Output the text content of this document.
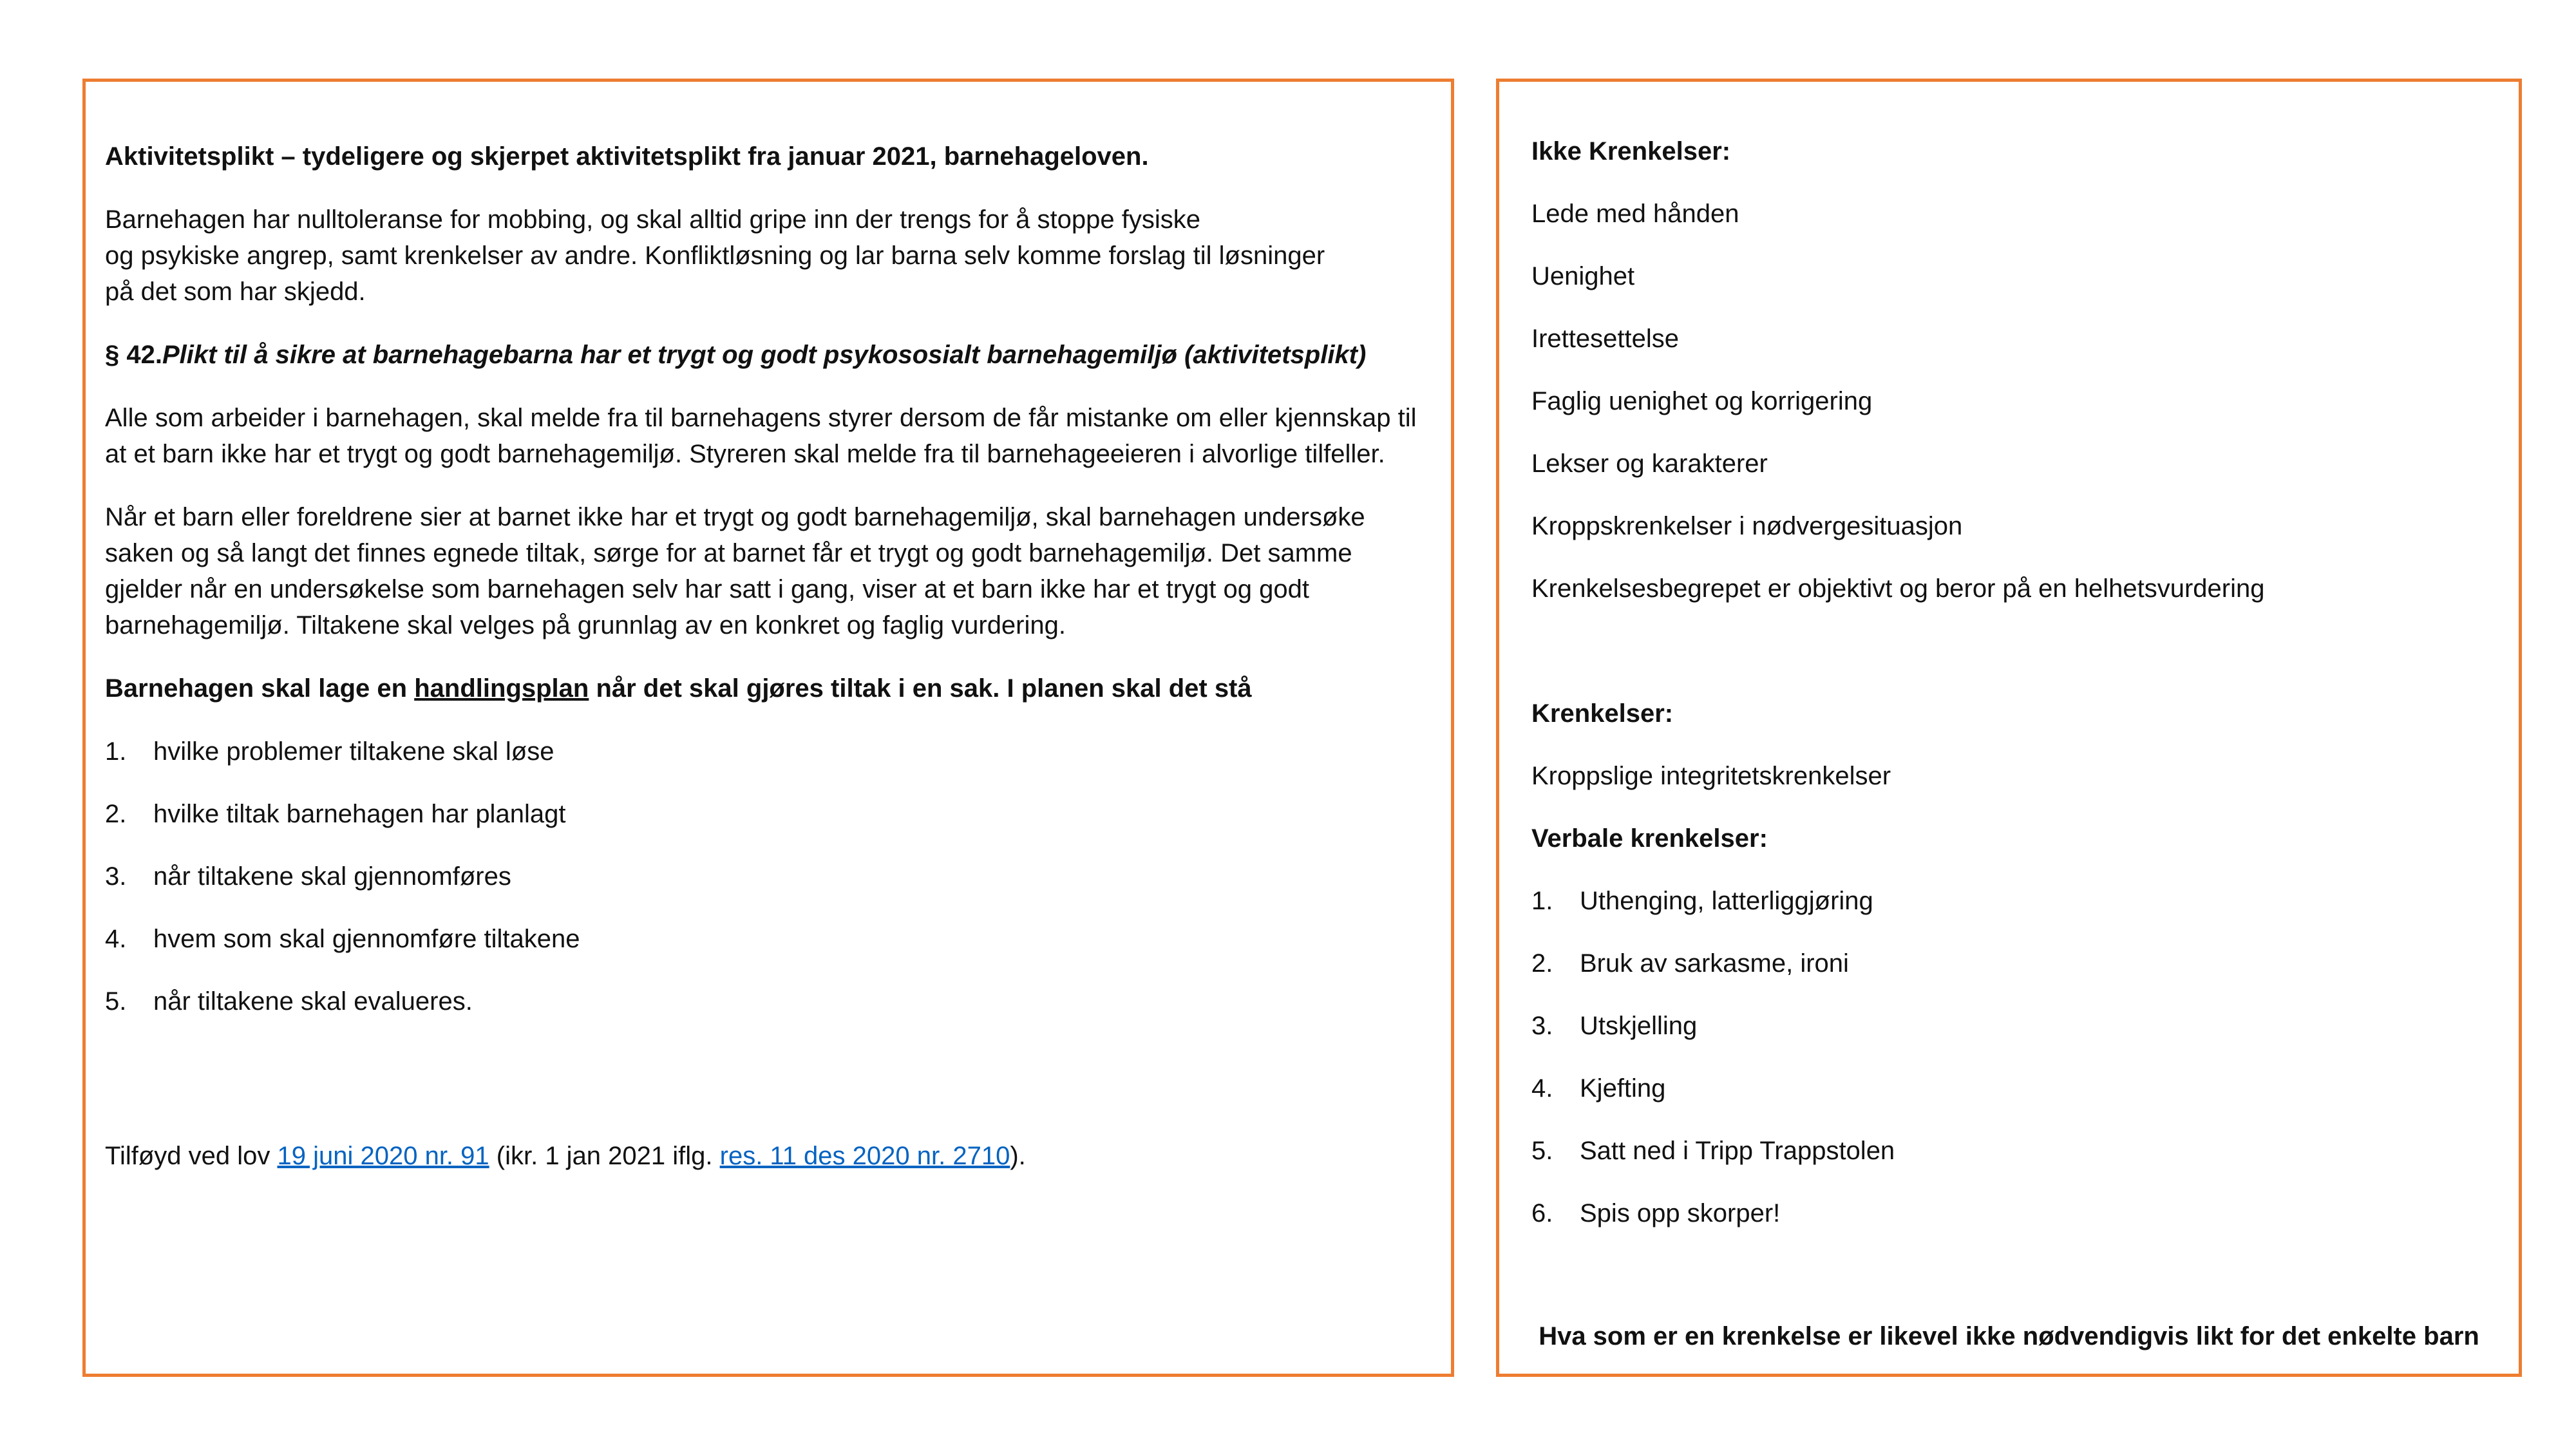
Aktivitetsplikt – tydeligere og skjerpet aktivitetsplikt fra januar 2021, barnehageloven.

Barnehagen har nulltoleranse for mobbing, og skal alltid gripe inn der trengs for å stoppe fysiske

og psykiske angrep, samt krenkelser av andre. Konfliktløsning og lar barna selv komme forslag til løsninger

på det som har skjedd.

§ 42.Plikt til å sikre at barnehagebarna har et trygt og godt psykososialt barnehagemiljø (aktivitetsplikt)

Alle som arbeider i barnehagen, skal melde fra til barnehagens styrer dersom de får mistanke om eller kjennskap til at et barn ikke har et trygt og godt barnehagemiljø. Styreren skal melde fra til barnehageeieren i alvorlige tilfeller.

Når et barn eller foreldrene sier at barnet ikke har et trygt og godt barnehagemiljø, skal barnehagen undersøke saken og så langt det finnes egnede tiltak, sørge for at barnet får et trygt og godt barnehagemiljø. Det samme gjelder når en undersøkelse som barnehagen selv har satt i gang, viser at et barn ikke har et trygt og godt barnehagemiljø. Tiltakene skal velges på grunnlag av en konkret og faglig vurdering.

Barnehagen skal lage en handlingsplan når det skal gjøres tiltak i en sak. I planen skal det stå

1.	hvilke problemer tiltakene skal løse
2.	hvilke tiltak barnehagen har planlagt
3.	når tiltakene skal gjennomføres
4.	hvem som skal gjennomføre tiltakene
5.	når tiltakene skal evalueres.

Tilføyd ved lov 19 juni 2020 nr. 91 (ikr. 1 jan 2021 iflg. res. 11 des 2020 nr. 2710).

Ikke Krenkelser:

Lede med hånden

Uenighet

Irettesettelse

Faglig uenighet og korrigering

Lekser og karakterer

Kroppskrenkelser i nødvergesituasjon

Krenkelsesbegrepet er objektivt og beror på en helhetsvurdering

Krenkelser:

Kroppslige integritetskrenkelser

Verbale krenkelser:

1.	Uthenging, latterliggjøring
2.	Bruk av sarkasme, ironi
3.	Utskjelling
4.	Kjefting
5.	Satt ned i Tripp Trappstolen
6.	Spis opp skorper!

Hva som er en krenkelse er likevel ikke nødvendigvis likt for det enkelte barn
